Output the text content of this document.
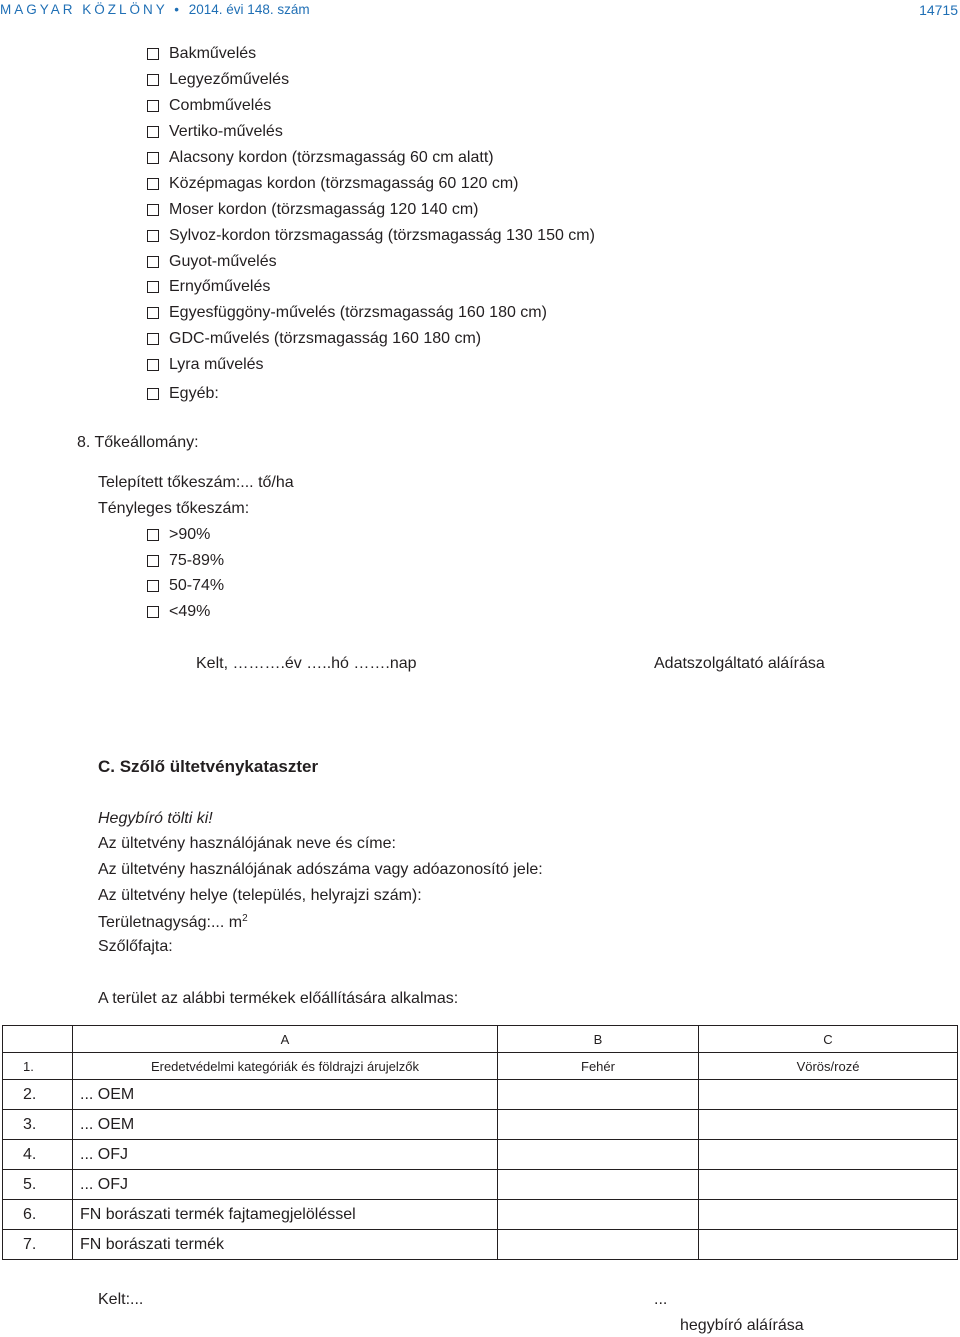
MAGYAR KÖZLÖNY • 2014. évi 148. szám	14715
Bakművelés
Legyezőművelés
Combművelés
Vertiko-művelés
Alacsony kordon (törzsmagasság 60 cm alatt)
Középmagas kordon (törzsmagasság 60 120 cm)
Moser kordon (törzsmagasság 120 140 cm)
Sylvoz-kordon törzsmagasság (törzsmagasság 130 150 cm)
Guyot-művelés
Ernyőművelés
Egyesfüggöny-művelés (törzsmagasság 160 180 cm)
GDC-művelés (törzsmagasság 160 180 cm)
Lyra művelés
Egyéb:
8. Tőkeállomány:
Telepített tőkeszám:... tő/ha
Tényleges tőkeszám:
>90%
75-89%
50-74%
<49%
Kelt, ……….év …..hó …….nap	Adatszolgáltató aláírása
C. Szőlő ültetvénykataszter
Hegybíró tölti ki!
Az ültetvény használójának neve és címe:
Az ültetvény használójának adószáma vagy adóazonosító jele:
Az ültetvény helye (település, helyrajzi szám):
Területnagyság:... $m^2$
Szőlőfajta:
A terület az alábbi termékek előállítására alkalmas:
	A	B	C
1.	Eredetvédelmi kategóriák és földrajzi árujelzők	Fehér	Vörös/rozé
2.	... OEM		
3.	... OEM		
4.	... OFJ		
5.	... OFJ		
6.	FN borászati termék fajtamegjelöléssel		
7.	FN borászati termék		
Kelt:...	...
hegybíró aláírása
